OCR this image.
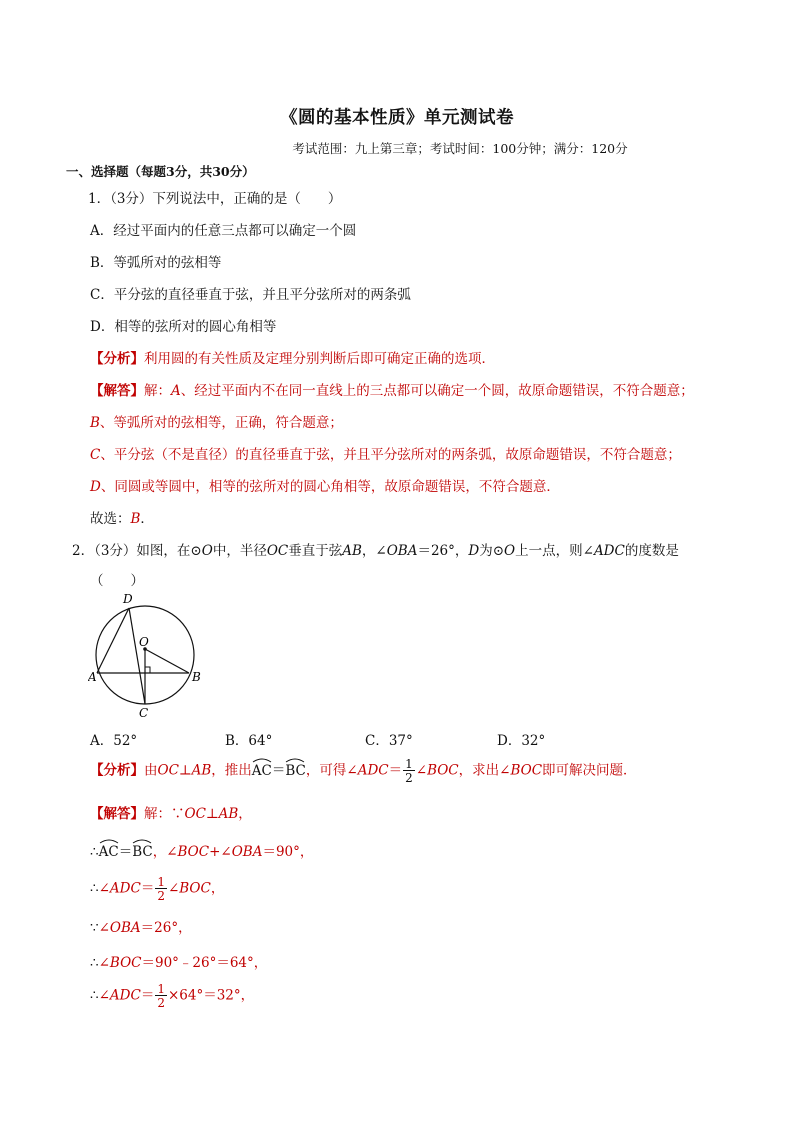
《圆的基本性质》单元测试卷
考试范围：九上第三章；考试时间：100分钟；满分：120分
一、选择题（每题3分，共30分）
1．（3分）下列说法中，正确的是（　　）
A．经过平面内的任意三点都可以确定一个圆
B．等弧所对的弦相等
C．平分弦的直径垂直于弦，并且平分弦所对的两条弧
D．相等的弦所对的圆心角相等
【分析】利用圆的有关性质及定理分别判断后即可确定正确的选项．
【解答】解：A、经过平面内不在同一直线上的三点都可以确定一个圆，故原命题错误，不符合题意；
B、等弧所对的弦相等，正确，符合题意；
C、平分弦（不是直径）的直径垂直于弦，并且平分弦所对的两条弧，故原命题错误，不符合题意；
D、同圆或等圆中，相等的弦所对的圆心角相等，故原命题错误，不符合题意．
故选：B．
2．（3分）如图，在⊙O中，半径OC垂直于弦AB，∠OBA＝26°，D为⊙O上一点，则∠ADC的度数是
（　　）
D
O
A	B
C
A．52°	B．64°	C．37°	D．32°
【分析】由OC⊥AB，推出
AC＝
BC，可得∠ADC＝ $\frac{1}{2}$ ∠BOC，求出∠BOC即可解决问题．
【解答】解：∵OC⊥AB，
∴
AC＝
BC，∠BOC+∠OBA＝90°，
∴∠ADC＝ $\frac{1}{2}$ ∠BOC，
∵∠OBA＝26°，
∴∠BOC＝90°﹣26°＝64°，
∴∠ADC＝ $\frac{1}{2} \times 64^\circ=32^\circ$，
